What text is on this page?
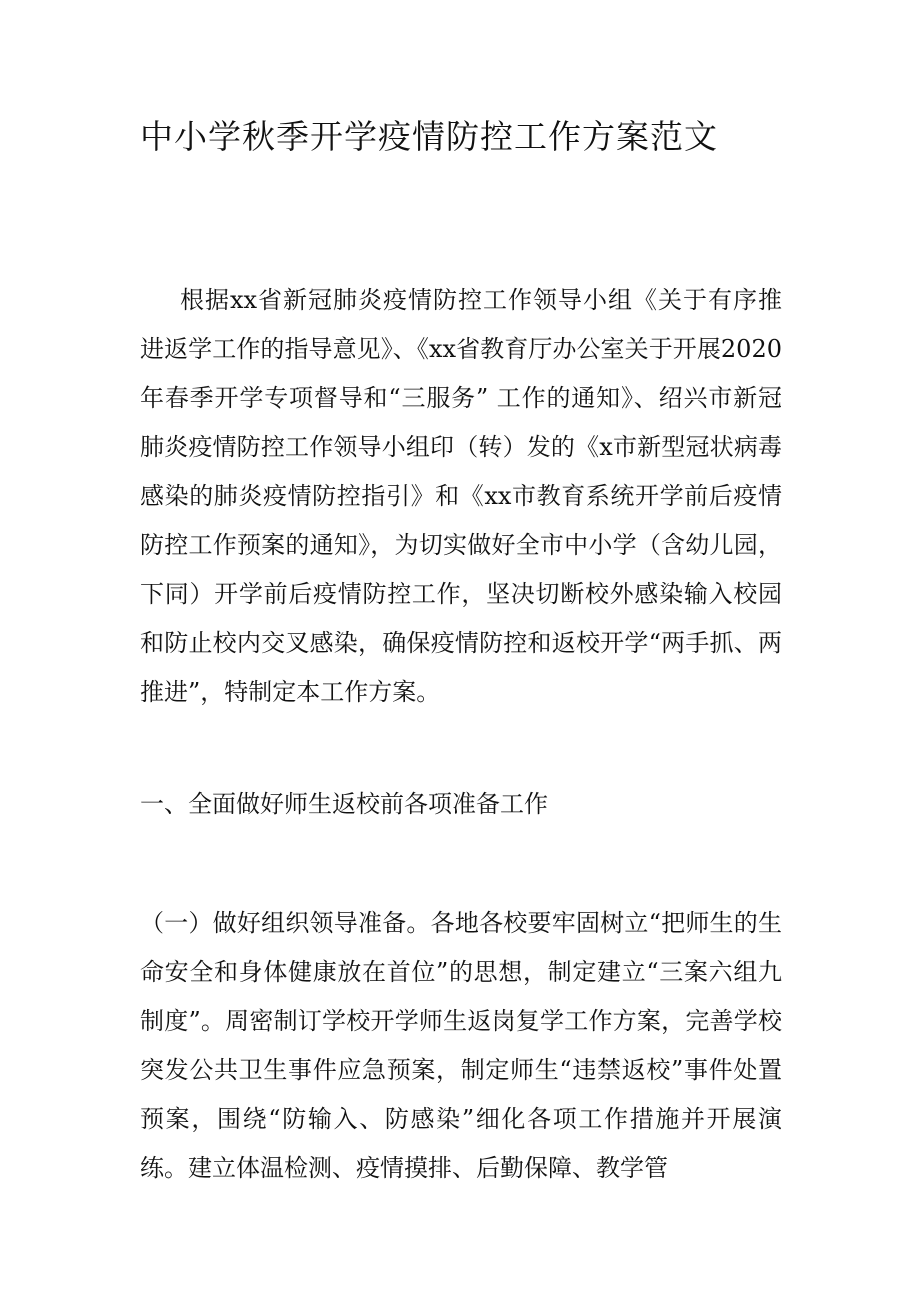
中小学秋季开学疫情防控工作方案范文

根据xx省新冠肺炎疫情防控工作领导小组《关于有序推进返学工作的指导意见》、《xx省教育厅办公室关于开展2020 年春季开学专项督导和“三服务” 工作的通知》、绍兴市新冠肺炎疫情防控工作领导小组印（转）发的《x市新型冠状病毒感染的肺炎疫情防控指引》和《xx市教育系统开学前后疫情防控工作预案的通知》，为切实做好全市中小学（含幼儿园，下同）开学前后疫情防控工作，坚决切断校外感染输入校园和防止校内交叉感染，确保疫情防控和返校开学“两手抓、两推进”，特制定本工作方案。

一、全面做好师生返校前各项准备工作

（一）做好组织领导准备。各地各校要牢固树立“把师生的生命安全和身体健康放在首位”的思想，制定建立“三案六组九制度”。周密制订学校开学师生返岗复学工作方案，完善学校突发公共卫生事件应急预案，制定师生“违禁返校”事件处置预案，围绕“防输入、防感染”细化各项工作措施并开展演练。建立体温检测、疫情摸排、后勤保障、教学管
